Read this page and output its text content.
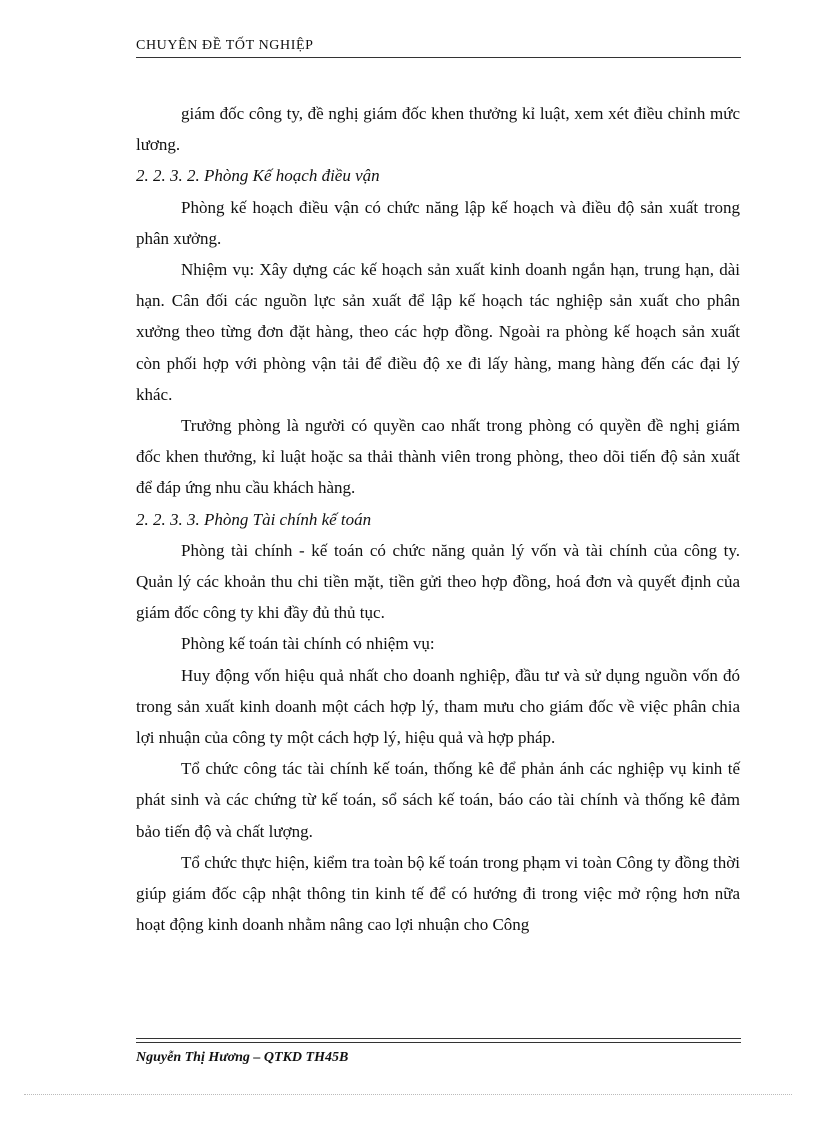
CHUYÊN ĐỀ TỐT NGHIỆP

giám đốc công ty, đề nghị giám đốc khen thưởng kỉ luật, xem xét điều chỉnh mức lương.

2. 2. 3. 2. Phòng Kế hoạch điều vận

Phòng kế hoạch điều vận có chức năng lập kế hoạch và điều độ sản xuất trong phân xưởng.

Nhiệm vụ: Xây dựng các kế hoạch sản xuất kinh doanh ngắn hạn, trung hạn, dài hạn. Cân đối các nguồn lực sản xuất để lập kế hoạch tác nghiệp sản xuất cho phân xưởng theo từng đơn đặt hàng, theo các hợp đồng. Ngoài ra phòng kế hoạch sản xuất còn phối hợp với phòng vận tải để điều độ xe đi lấy hàng, mang hàng đến các đại lý khác.

Trưởng phòng là người có quyền cao nhất trong phòng có quyền đề nghị giám đốc khen thưởng, kỉ luật hoặc sa thải thành viên trong phòng, theo dõi tiến độ sản xuất để đáp ứng nhu cầu khách hàng.

2. 2. 3. 3. Phòng Tài chính kế toán

Phòng tài chính - kế toán có chức năng quản lý vốn và tài chính của công ty. Quản lý các khoản thu chi tiền mặt, tiền gửi theo hợp đồng, hoá đơn và quyết định của giám đốc công ty khi đầy đủ thủ tục.

Phòng kế toán tài chính có nhiệm vụ:

Huy động vốn hiệu quả nhất cho doanh nghiệp, đầu tư và sử dụng nguồn vốn đó trong sản xuất kinh doanh một cách hợp lý, tham mưu cho giám đốc về việc phân chia lợi nhuận của công ty một cách hợp lý, hiệu quả và hợp pháp.

Tổ chức công tác tài chính kế toán, thống kê để phản ánh các nghiệp vụ kinh tế phát sinh và các chứng từ kế toán, sổ sách kế toán, báo cáo tài chính và thống kê đảm bảo tiến độ và chất lượng.

Tổ chức thực hiện, kiểm tra toàn bộ kế toán trong phạm vi toàn Công ty đồng thời giúp giám đốc cập nhật thông tin kinh tế để có hướng đi trong việc mở rộng hơn nữa hoạt động kinh doanh nhằm nâng cao lợi nhuận cho Công

Nguyễn Thị Hương – QTKD TH45B
